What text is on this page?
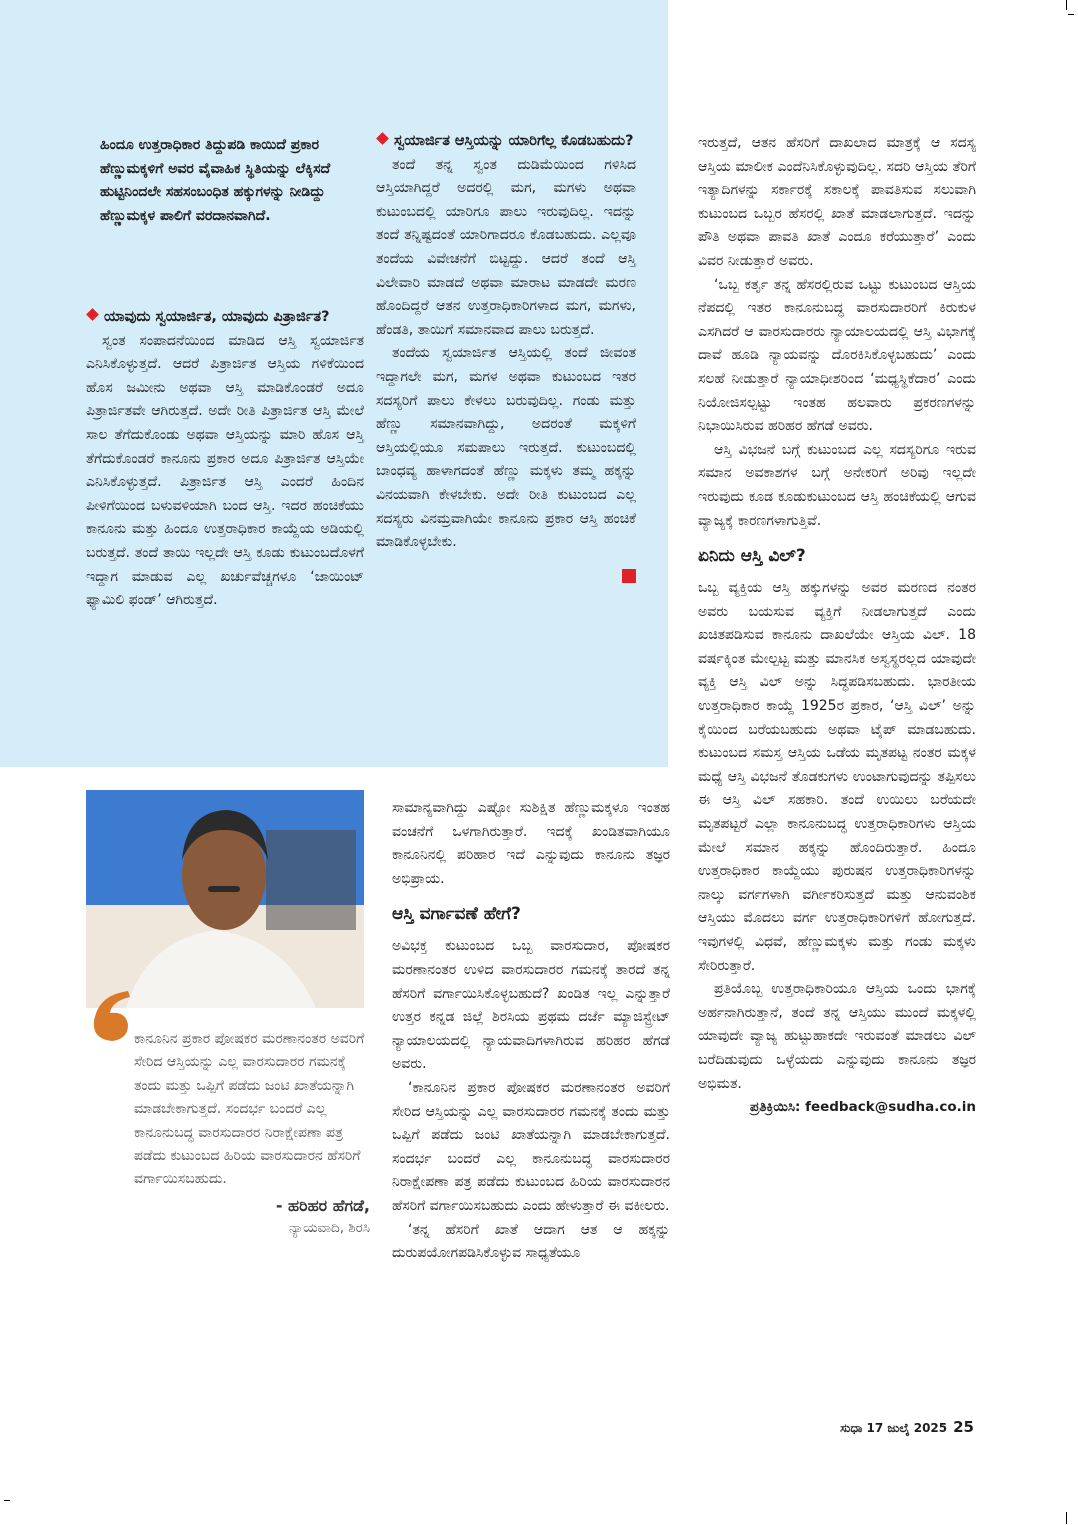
ಹಿಂದೂ ಉತ್ತರಾಧಿಕಾರ ತಿದ್ದುಪಡಿ ಕಾಯಿದೆ ಪ್ರಕಾರ ಹೆಣ್ಣುಮಕ್ಕಳಿಗೆ ಅವರ ವೈವಾಹಿಕ ಸ್ಥಿತಿಯನ್ನು ಲೆಕ್ಕಿಸದೆ ಹುಟ್ಟಿನಿಂದಲೇ ಸಹಸಂಬಂಧಿತ ಹಕ್ಕುಗಳನ್ನು ನೀಡಿದ್ದು ಹೆಣ್ಣುಮಕ್ಕಳ ಪಾಲಿಗೆ ವರದಾನವಾಗಿದೆ.
ಯಾವುದು ಸ್ವಯಾರ್ಜಿತ, ಯಾವುದು ಪಿತ್ರಾರ್ಜಿತ?

ಸ್ವಂತ ಸಂಪಾದನೆಯಿಂದ ಮಾಡಿದ ಆಸ್ತಿ ಸ್ವಯಾರ್ಜಿತ ಎನಿಸಿಕೊಳ್ಳುತ್ತದೆ. ಆದರೆ ಪಿತ್ರಾರ್ಜಿತ ಆಸ್ತಿಯ ಗಳಿಕೆಯಿಂದ ಹೊಸ ಜಮೀನು ಅಥವಾ ಆಸ್ತಿ ಮಾಡಿಕೊಂಡರೆ ಅದೂ ಪಿತ್ರಾರ್ಜಿತವೇ ಆಗಿರುತ್ತದೆ. ಅದೇ ರೀತಿ ಪಿತ್ರಾರ್ಜಿತ ಆಸ್ತಿ ಮೇಲೆ ಸಾಲ ತೆಗೆದುಕೊಂಡು ಅಥವಾ ಆಸ್ತಿಯನ್ನು ಮಾರಿ ಹೊಸ ಆಸ್ತಿ ತೆಗೆದುಕೊಂಡರೆ ಕಾನೂನು ಪ್ರಕಾರ ಅದೂ ಪಿತ್ರಾರ್ಜಿತ ಆಸ್ತಿಯೇ ಎನಿಸಿಕೊಳ್ಳುತ್ತದೆ. ಪಿತ್ರಾರ್ಜಿತ ಆಸ್ತಿ ಎಂದರೆ ಹಿಂದಿನ ಪೀಳಿಗೆಯಿಂದ ಬಳುವಳಿಯಾಗಿ ಬಂದ ಆಸ್ತಿ. ಇದರ ಹಂಚಿಕೆಯು ಕಾನೂನು ಮತ್ತು ಹಿಂದೂ ಉತ್ತರಾಧಿಕಾರ ಕಾಯ್ದೆಯ ಅಡಿಯಲ್ಲಿ ಬರುತ್ತದೆ. ತಂದೆ ತಾಯಿ ಇಲ್ಲದೇ ಆಸ್ತಿ ಕೂಡು ಕುಟುಂಬದೊಳಗೆ ಇದ್ದಾಗ ಮಾಡುವ ಎಲ್ಲ ಖರ್ಚುವೆಚ್ಚಗಳೂ ‘ಜಾಯಿಂಟ್ ಫ್ಯಾಮಿಲಿ ಫಂಡ್’ ಆಗಿರುತ್ತದೆ.

ಸ್ವಯಾರ್ಜಿತ ಆಸ್ತಿಯನ್ನು ಯಾರಿಗೆಲ್ಲ ಕೊಡಬಹುದು?

ತಂದೆ ತನ್ನ ಸ್ವಂತ ದುಡಿಮೆಯಿಂದ ಗಳಿಸಿದ ಆಸ್ತಿಯಾಗಿದ್ದರೆ ಅದರಲ್ಲಿ ಮಗ, ಮಗಳು ಅಥವಾ ಕುಟುಂಬದಲ್ಲಿ ಯಾರಿಗೂ ಪಾಲು ಇರುವುದಿಲ್ಲ. ಇದನ್ನು ತಂದೆ ತನ್ನಿಷ್ಟದಂತೆ ಯಾರಿಗಾದರೂ ಕೊಡಬಹುದು. ಎಲ್ಲವೂ ತಂದೆಯ ವಿವೇಚನೆಗೆ ಬಿಟ್ಟದ್ದು. ಆದರೆ ತಂದೆ ಆಸ್ತಿ ವಿಲೇವಾರಿ ಮಾಡದೆ ಅಥವಾ ಮಾರಾಟ ಮಾಡದೇ ಮರಣ ಹೊಂದಿದ್ದರೆ ಆತನ ಉತ್ತರಾಧಿಕಾರಿಗಳಾದ ಮಗ, ಮಗಳು, ಹೆಂಡತಿ, ತಾಯಿಗೆ ಸಮಾನವಾದ ಪಾಲು ಬರುತ್ತದೆ.

ತಂದೆಯ ಸ್ವಯಾರ್ಜಿತ ಆಸ್ತಿಯಲ್ಲಿ ತಂದೆ ಜೀವಂತ ಇದ್ದಾಗಲೇ ಮಗ, ಮಗಳ ಅಥವಾ ಕುಟುಂಬದ ಇತರ ಸದಸ್ಯರಿಗೆ ಪಾಲು ಕೇಳಲು ಬರುವುದಿಲ್ಲ. ಗಂಡು ಮತ್ತು ಹೆಣ್ಣು ಸಮಾನವಾಗಿದ್ದು, ಅದರಂತೆ ಮಕ್ಕಳಿಗೆ ಆಸ್ತಿಯಲ್ಲಿಯೂ ಸಮಪಾಲು ಇರುತ್ತದೆ. ಕುಟುಂಬದಲ್ಲಿ ಬಾಂಧವ್ಯ ಹಾಳಾಗದಂತೆ ಹೆಣ್ಣು ಮಕ್ಕಳು ತಮ್ಮ ಹಕ್ಕನ್ನು ವಿನಯವಾಗಿ ಕೇಳಬೇಕು. ಅದೇ ರೀತಿ ಕುಟುಂಬದ ಎಲ್ಲ ಸದಸ್ಯರು ವಿನಮ್ರವಾಗಿಯೇ ಕಾನೂನು ಪ್ರಕಾರ ಆಸ್ತಿ ಹಂಚಿಕೆ ಮಾಡಿಕೊಳ್ಳಬೇಕು.

ಕಾನೂನಿನ ಪ್ರಕಾರ ಪೋಷಕರ ಮರಣಾನಂತರ ಅವರಿಗೆ ಸೇರಿದ ಆಸ್ತಿಯನ್ನು ಎಲ್ಲ ವಾರಸುದಾರರ ಗಮನಕ್ಕೆ ತಂದು ಮತ್ತು ಒಪ್ಪಿಗೆ ಪಡೆದು ಜಂಟಿ ಖಾತೆಯನ್ನಾಗಿ ಮಾಡಬೇಕಾಗುತ್ತದೆ. ಸಂದರ್ಭ ಬಂದರೆ ಎಲ್ಲ ಕಾನೂನುಬದ್ಧ ವಾರಸುದಾರರ ನಿರಾಕ್ಷೇಪಣಾ ಪತ್ರ ಪಡೆದು ಕುಟುಂಬದ ಹಿರಿಯ ವಾರಸುದಾರನ ಹೆಸರಿಗೆ ವರ್ಗಾಯಿಸಬಹುದು.

- ಹರಿಹರ ಹೆಗಡೆ,

ನ್ಯಾಯವಾದಿ, ಶಿರಸಿ

ಸಾಮಾನ್ಯವಾಗಿದ್ದು ಎಷ್ಟೋ ಸುಶಿಕ್ಷಿತ ಹೆಣ್ಣುಮಕ್ಕಳೂ ಇಂತಹ ವಂಚನೆಗೆ ಒಳಗಾಗಿರುತ್ತಾರೆ. ಇದಕ್ಕೆ ಖಂಡಿತವಾಗಿಯೂ ಕಾನೂನಿನಲ್ಲಿ ಪರಿಹಾರ ಇದೆ ಎನ್ನುವುದು ಕಾನೂನು ತಜ್ಞರ ಅಭಿಪ್ರಾಯ.

ಆಸ್ತಿ ವರ್ಗಾವಣೆ ಹೇಗೆ?

ಅವಿಭಕ್ತ ಕುಟುಂಬದ ಒಬ್ಬ ವಾರಸುದಾರ, ಪೋಷಕರ ಮರಣಾನಂತರ ಉಳಿದ ವಾರಸುದಾರರ ಗಮನಕ್ಕೆ ತಾರದೆ ತನ್ನ ಹೆಸರಿಗೆ ವರ್ಗಾಯಿಸಿಕೊಳ್ಳಬಹುದೆ? ಖಂಡಿತ ಇಲ್ಲ ಎನ್ನುತ್ತಾರೆ ಉತ್ತರ ಕನ್ನಡ ಜಿಲ್ಲೆ ಶಿರಸಿಯ ಪ್ರಥಮ ದರ್ಜೆ ಮ್ಯಾಜಿಸ್ಟ್ರೇಟ್ ನ್ಯಾಯಾಲಯದಲ್ಲಿ ನ್ಯಾಯವಾದಿಗಳಾಗಿರುವ ಹರಿಹರ ಹೆಗಡೆ ಅವರು.

‘ಕಾನೂನಿನ ಪ್ರಕಾರ ಪೋಷಕರ ಮರಣಾನಂತರ ಅವರಿಗೆ ಸೇರಿದ ಆಸ್ತಿಯನ್ನು ಎಲ್ಲ ವಾರಸುದಾರರ ಗಮನಕ್ಕೆ ತಂದು ಮತ್ತು ಒಪ್ಪಿಗೆ ಪಡೆದು ಜಂಟಿ ಖಾತೆಯನ್ನಾಗಿ ಮಾಡಬೇಕಾಗುತ್ತದೆ. ಸಂದರ್ಭ ಬಂದರೆ ಎಲ್ಲ ಕಾನೂನುಬದ್ಧ ವಾರಸುದಾರರ ನಿರಾಕ್ಷೇಪಣಾ ಪತ್ರ ಪಡೆದು ಕುಟುಂಬದ ಹಿರಿಯ ವಾರಸುದಾರನ ಹೆಸರಿಗೆ ವರ್ಗಾಯಿಸಬಹುದು ಎಂದು ಹೇಳುತ್ತಾರೆ ಈ ವಕೀಲರು.

‘ತನ್ನ ಹೆಸರಿಗೆ ಖಾತೆ ಆದಾಗ ಆತ ಆ ಹಕ್ಕನ್ನು ದುರುಪಯೋಗಪಡಿಸಿಕೊಳ್ಳುವ ಸಾಧ್ಯತೆಯೂ

ಇರುತ್ತದೆ, ಆತನ ಹೆಸರಿಗೆ ದಾಖಲಾದ ಮಾತ್ರಕ್ಕೆ ಆ ಸದಸ್ಯ ಆಸ್ತಿಯ ಮಾಲೀಕ ಎಂದೆನಿಸಿಕೊಳ್ಳುವುದಿಲ್ಲ. ಸದರಿ ಆಸ್ತಿಯ ತೆರಿಗೆ ಇತ್ಯಾದಿಗಳನ್ನು ಸರ್ಕಾರಕ್ಕೆ ಸಕಾಲಕ್ಕೆ ಪಾವತಿಸುವ ಸಲುವಾಗಿ ಕುಟುಂಬದ ಒಬ್ಬರ ಹೆಸರಲ್ಲಿ ಖಾತೆ ಮಾಡಲಾಗುತ್ತದೆ. ಇದನ್ನು ಪೌತಿ ಅಥವಾ ಪಾವತಿ ಖಾತೆ ಎಂದೂ ಕರೆಯುತ್ತಾರೆ’ ಎಂದು ವಿವರ ನೀಡುತ್ತಾರೆ ಅವರು.

‘ಒಬ್ಬ ಕರ್ತೃ ತನ್ನ ಹೆಸರಲ್ಲಿರುವ ಒಟ್ಟು ಕುಟುಂಬದ ಆಸ್ತಿಯ ನೆಪದಲ್ಲಿ ಇತರ ಕಾನೂನುಬದ್ಧ ವಾರಸುದಾರರಿಗೆ ಕಿರುಕುಳ ಎಸಗಿದರೆ ಆ ವಾರಸುದಾರರು ನ್ಯಾಯಾಲಯದಲ್ಲಿ ಆಸ್ತಿ ವಿಭಾಗಕ್ಕೆ ದಾವೆ ಹೂಡಿ ನ್ಯಾಯವನ್ನು ದೊರಕಿಸಿಕೊಳ್ಳಬಹುದು’ ಎಂದು ಸಲಹೆ ನೀಡುತ್ತಾರೆ ನ್ಯಾಯಾಧೀಶರಿಂದ ‘ಮಧ್ಯಸ್ಥಿಕೆದಾರ’ ಎಂದು ನಿಯೋಜಿಸಲ್ಪಟ್ಟು ಇಂತಹ ಹಲವಾರು ಪ್ರಕರಣಗಳನ್ನು ನಿಭಾಯಿಸಿರುವ ಹರಿಹರ ಹೆಗಡೆ ಅವರು.

ಆಸ್ತಿ ವಿಭಜನೆ ಬಗ್ಗೆ ಕುಟುಂಬದ ಎಲ್ಲ ಸದಸ್ಯರಿಗೂ ಇರುವ ಸಮಾನ ಅವಕಾಶಗಳ ಬಗ್ಗೆ ಅನೇಕರಿಗೆ ಅರಿವು ಇಲ್ಲದೇ ಇರುವುದು ಕೂಡ ಕೂಡುಕುಟುಂಬದ ಆಸ್ತಿ ಹಂಚಿಕೆಯಲ್ಲಿ ಆಗುವ ವ್ಯಾಜ್ಯಕ್ಕೆ ಕಾರಣಗಳಾಗುತ್ತಿವೆ.

ಏನಿದು ಆಸ್ತಿ ವಿಲ್?

ಒಬ್ಬ ವ್ಯಕ್ತಿಯ ಆಸ್ತಿ ಹಕ್ಕುಗಳನ್ನು ಅವರ ಮರಣದ ನಂತರ ಅವರು ಬಯಸುವ ವ್ಯಕ್ತಿಗೆ ನೀಡಲಾಗುತ್ತದೆ ಎಂದು ಖಚಿತಪಡಿಸುವ ಕಾನೂನು ದಾಖಲೆಯೇ ಆಸ್ತಿಯ ವಿಲ್. 18 ವರ್ಷಕ್ಕಿಂತ ಮೇಲ್ಪಟ್ಟ ಮತ್ತು ಮಾನಸಿಕ ಅಸ್ವಸ್ಥರಲ್ಲದ ಯಾವುದೇ ವ್ಯಕ್ತಿ ಆಸ್ತಿ ವಿಲ್ ಅನ್ನು ಸಿದ್ಧಪಡಿಸಬಹುದು. ಭಾರತೀಯ ಉತ್ತರಾಧಿಕಾರ ಕಾಯ್ದೆ 1925ರ ಪ್ರಕಾರ, ‘ಆಸ್ತಿ ವಿಲ್’ ಅನ್ನು ಕೈಯಿಂದ ಬರೆಯಬಹುದು ಅಥವಾ ಟೈಪ್ ಮಾಡಬಹುದು. ಕುಟುಂಬದ ಸಮಸ್ತ ಆಸ್ತಿಯ ಒಡೆಯ ಮೃತಪಟ್ಟ ನಂತರ ಮಕ್ಕಳ ಮಧ್ಯೆ ಆಸ್ತಿ ವಿಭಜನೆ ತೊಡಕುಗಳು ಉಂಟಾಗುವುದನ್ನು ತಪ್ಪಿಸಲು ಈ ಆಸ್ತಿ ವಿಲ್ ಸಹಕಾರಿ. ತಂದೆ ಉಯಿಲು ಬರೆಯದೇ ಮೃತಪಟ್ಟರೆ ಎಲ್ಲಾ ಕಾನೂನುಬದ್ಧ ಉತ್ತರಾಧಿಕಾರಿಗಳು ಆಸ್ತಿಯ ಮೇಲೆ ಸಮಾನ ಹಕ್ಕನ್ನು ಹೊಂದಿರುತ್ತಾರೆ. ಹಿಂದೂ ಉತ್ತರಾಧಿಕಾರ ಕಾಯ್ದೆಯು ಪುರುಷನ ಉತ್ತರಾಧಿಕಾರಿಗಳನ್ನು ನಾಲ್ಕು ವರ್ಗಗಳಾಗಿ ವರ್ಗೀಕರಿಸುತ್ತದೆ ಮತ್ತು ಆನುವಂಶಿಕ ಆಸ್ತಿಯು ಮೊದಲು ವರ್ಗ ಉತ್ತರಾಧಿಕಾರಿಗಳಿಗೆ ಹೋಗುತ್ತದೆ. ಇವುಗಳಲ್ಲಿ ವಿಧವೆ, ಹೆಣ್ಣುಮಕ್ಕಳು ಮತ್ತು ಗಂಡು ಮಕ್ಕಳು ಸೇರಿರುತ್ತಾರೆ.

ಪ್ರತಿಯೊಬ್ಬ ಉತ್ತರಾಧಿಕಾರಿಯೂ ಆಸ್ತಿಯ ಒಂದು ಭಾಗಕ್ಕೆ ಅರ್ಹನಾಗಿರುತ್ತಾನೆ, ತಂದೆ ತನ್ನ ಆಸ್ತಿಯು ಮುಂದೆ ಮಕ್ಕಳಲ್ಲಿ ಯಾವುದೇ ವ್ಯಾಜ್ಯ ಹುಟ್ಟುಹಾಕದೇ ಇರುವಂತೆ ಮಾಡಲು ವಿಲ್ ಬರೆದಿಡುವುದು ಒಳ್ಳೆಯದು ಎನ್ನುವುದು ಕಾನೂನು ತಜ್ಞರ ಅಭಿಮತ.

ಪ್ರತಿಕ್ರಿಯಿಸಿ: feedback@sudha.co.in

ಸುಧಾ 17 ಜುಲೈ 2025 25
